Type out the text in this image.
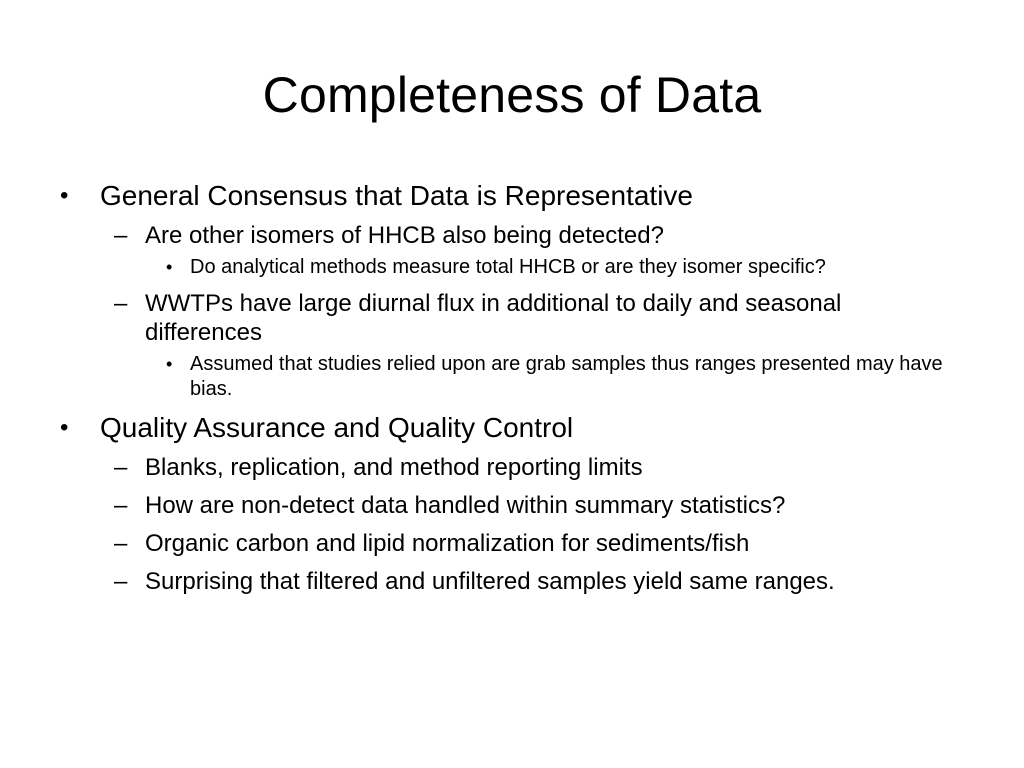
Completeness of Data
• General Consensus that Data is Representative
– Are other isomers of HHCB also being detected?
• Do analytical methods measure total HHCB or are they isomer specific?
– WWTPs have large diurnal flux in additional to daily and seasonal differences
• Assumed that studies relied upon are grab samples thus ranges presented may have bias.
• Quality Assurance and Quality Control
– Blanks, replication, and method reporting limits
– How are non-detect data handled within summary statistics?
– Organic carbon and lipid normalization for sediments/fish
– Surprising that filtered and unfiltered samples yield same ranges.
